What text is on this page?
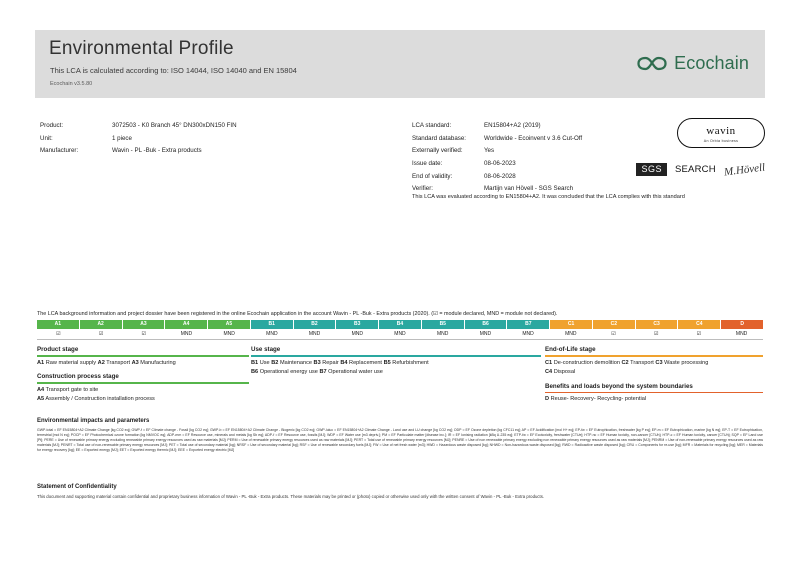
Environmental Profile
This LCA is calculated according to: ISO 14044, ISO 14040 and EN 15804
Ecochain v3.5.80
Ecochain
Product:	3072503 - K0 Branch 45° DN300xDN150 FIN
Unit:	1 piece
Manufacturer:	Wavin - PL -Buk - Extra products
LCA standard:	EN15804+A2 (2019)
Standard database:	Worldwide - Ecoinvent v 3.6 Cut-Off
Externally verified:	Yes
Issue date:	08-06-2023
End of validity:	08-06-2028
Verifier:	Martijn van Hövell - SGS Search
This LCA was evaluated according to EN15804+A2. It was concluded that the LCA complies with this standard
wavin
An Orbia business
SGS	SEARCH M.Hövell
The LCA background information and project dossier have been registered in the online Ecochain application in the account Wavin - PL -Buk - Extra products (2020). (☑ = module declared, MND = module not declared).
A1	A2	A3	A4	A5	B1	B2	B3	B4	B5	B6	B7	C1	C2	C3	C4	D
☑	☑	☑	MND	MND	MND	MND	MND	MND	MND	MND	MND	MND	☑	☑	☑	MND
Product stage
A1 Raw material supply A2 Transport A3 Manufacturing
Construction process stage
A4 Transport gate to site
A5 Assembly / Construction installation process
Use stage
B1 Use B2 Maintenance B3 Repair B4 Replacement B5 Refurbishment
B6 Operational energy use B7 Operational water use
End-of-Life stage
C1 De-construction demolition C2 Transport C3 Waste processing
C4 Disposal
Benefits and loads beyond the system boundaries
D Reuse- Recovery- Recycling- potential
Environmental impacts and parameters
GWP-total = EF EN15804+A2 Climate Change [kg CO2 eq]; GWP-f = EF Climate change - Fossil [kg CO2 eq]; GWP-b = EF EN15804+A2 Climate Change - Biogenic [kg CO2 eq]; GWP-luluc = EF EN15804+A2 Climate Change - Land use and LU change [kg CO2 eq]; ODP = EF Ozone depletion [kg CFC11 eq]; AP = EF Acidification [mol H+ eq]; EP-fw = EF Eutrophication, freshwater [kg P eq]; EP-m = EF Eutrophication, marine [kg N eq]; EP-T = EF Eutrophication, terrestrial [mol N eq]; POCP = EF Photochemical ozone formation [kg NMVOC eq]; ADP-mm = EF Resource use, minerals and metals [kg Sb eq]; ADP-f = EF Resource use, fossils [MJ]; WDP = EF Water use [m3 depriv.]; PM = EF Particulate matter [disease inc.]; IR = EF Ionising radiation [kBq U-235 eq]; ETP-fw = EF Ecotoxicity, freshwater [CTUe]; HTP-nc = EF Human toxicity, non-cancer [CTUh]; HTP-c = EF Human toxicity, cancer [CTUh]; SQP = EF Land use [Pt]; PERE = Use of renewable primary energy excluding renewable primary energy resources used as raw materials [MJ]; PERM = Use of renewable primary energy resources used as raw materials [MJ]; PERT = Total use of renewable primary energy resources [MJ]; PENRE = Use of non renewable primary energy excluding non renewable primary energy resources used as raw materials [MJ]; PENRM = Use of non-renewable primary energy resources used as raw materials [MJ]; PENRT = Total use of non-renewable primary energy resources [MJ]; PET = Total use of secondary material [kg]; NRSF = Use of secondary material [kg]; RSF = Use of renewable secondary fuels [MJ]; FW = Use of net fresh water [m3]; HWD = Hazardous waste disposed [kg]; NHWD = Non-hazardous waste disposed [kg]; RWD = Radioactive waste disposed [kg]; CRU = Components for re-use [kg]; MFR = Materials for recycling [kg]; MER = Materials for energy recovery [kg]; EE = Exported energy [MJ]; EET = Exported energy thermic [MJ]; EEE = Exported energy electric [MJ]
Statement of Confidentiality
This document and supporting material contain confidential and proprietary business information of Wavin - PL -Buk - Extra products. These materials may be printed or (photo) copied or otherwise used only with the written consent of Wavin - PL -Buk - Extra products.
